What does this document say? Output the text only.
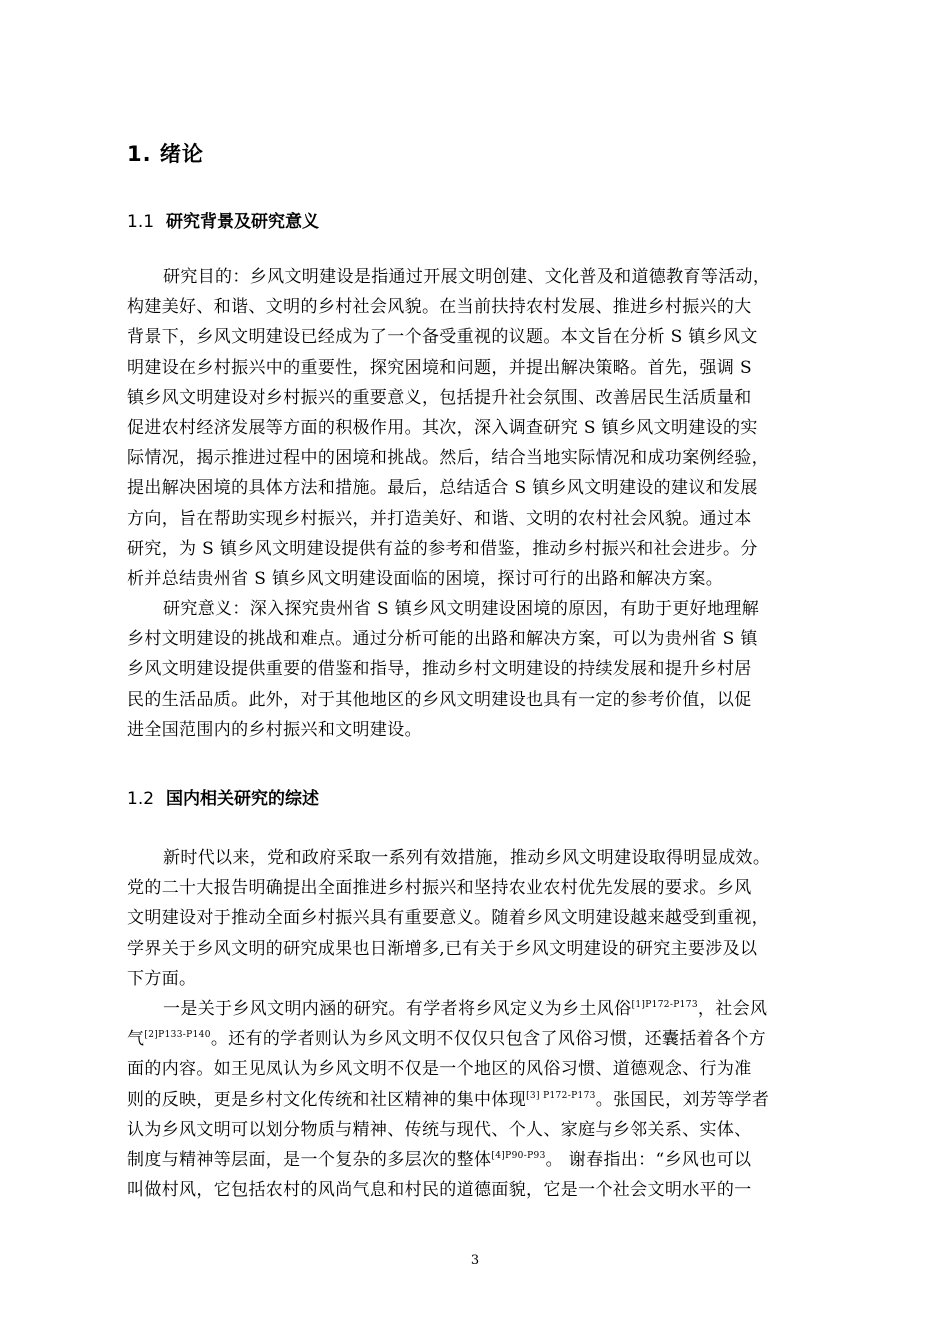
1. 绪论
1.1 研究背景及研究意义
研究目的：乡风文明建设是指通过开展文明创建、文化普及和道德教育等活动，
构建美好、和谐、文明的乡村社会风貌。在当前扶持农村发展、推进乡村振兴的大
背景下，乡风文明建设已经成为了一个备受重视的议题。本文旨在分析 S 镇乡风文
明建设在乡村振兴中的重要性，探究困境和问题，并提出解决策略。首先，强调 S
镇乡风文明建设对乡村振兴的重要意义，包括提升社会氛围、改善居民生活质量和
促进农村经济发展等方面的积极作用。其次，深入调查研究 S 镇乡风文明建设的实
际情况，揭示推进过程中的困境和挑战。然后，结合当地实际情况和成功案例经验，
提出解决困境的具体方法和措施。最后，总结适合 S 镇乡风文明建设的建议和发展
方向，旨在帮助实现乡村振兴，并打造美好、和谐、文明的农村社会风貌。通过本
研究，为 S 镇乡风文明建设提供有益的参考和借鉴，推动乡村振兴和社会进步。分
析并总结贵州省 S 镇乡风文明建设面临的困境，探讨可行的出路和解决方案。
研究意义：深入探究贵州省 S 镇乡风文明建设困境的原因，有助于更好地理解
乡村文明建设的挑战和难点。通过分析可能的出路和解决方案，可以为贵州省 S 镇
乡风文明建设提供重要的借鉴和指导，推动乡村文明建设的持续发展和提升乡村居
民的生活品质。此外，对于其他地区的乡风文明建设也具有一定的参考价值，以促
进全国范围内的乡村振兴和文明建设。
1.2 国内相关研究的综述
新时代以来，党和政府采取一系列有效措施，推动乡风文明建设取得明显成效。
党的二十大报告明确提出全面推进乡村振兴和坚持农业农村优先发展的要求。乡风
文明建设对于推动全面乡村振兴具有重要意义。随着乡风文明建设越来越受到重视，
学界关于乡风文明的研究成果也日渐增多,已有关于乡风文明建设的研究主要涉及以
下方面。
一是关于乡风文明内涵的研究。有学者将乡风定义为乡土风俗$^{[1]P172-P173}$，社会风
气$^{[2]P133-P140}$。还有的学者则认为乡风文明不仅仅只包含了风俗习惯，还囊括着各个方
面的内容。如王见凤认为乡风文明不仅是一个地区的风俗习惯、道德观念、行为准
则的反映，更是乡村文化传统和社区精神的集中体现$^{[3] P172-P173}$。张国民，刘芳等学者
认为乡风文明可以划分物质与精神、传统与现代、个人、家庭与乡邻关系、实体、
制度与精神等层面，是一个复杂的多层次的整体$^{[4]P90-P93}$。 谢春指出：“乡风也可以
叫做村风，它包括农村的风尚气息和村民的道德面貌，它是一个社会文明水平的一

3
